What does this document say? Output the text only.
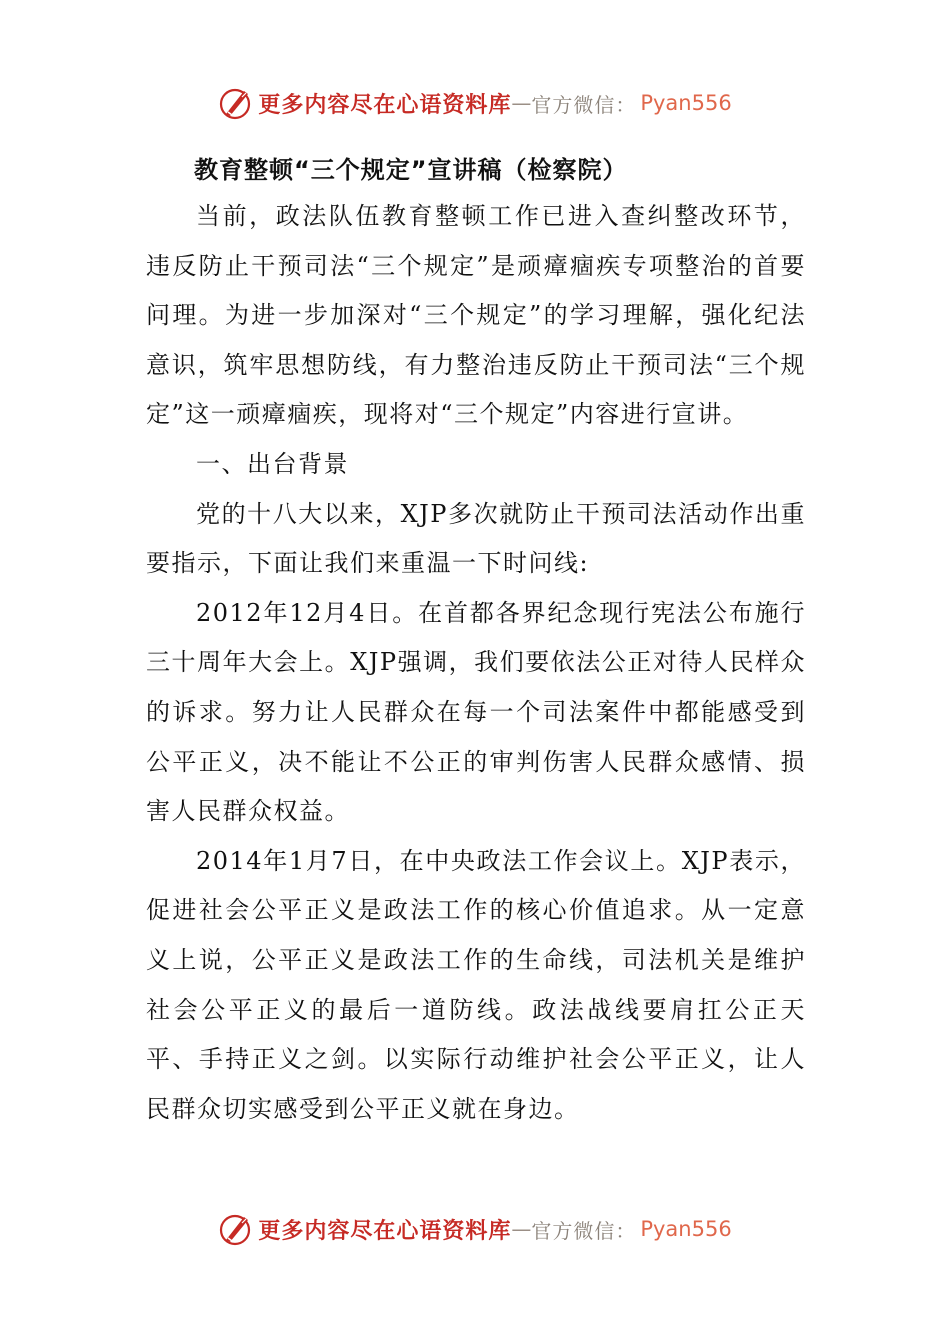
更多内容尽在心语资料库 — 官方微信： Pyan556
教育整顿“三个规定”宣讲稿（检察院）

当前，政法队伍教育整顿工作已进入查纠整改环节，违反防止干预司法“三个规定”是顽瘴痼疾专项整治的首要问理。为进一步加深对“三个规定”的学习理解，强化纪法意识，筑牢思想防线，有力整治违反防止干预司法“三个规定”这一顽瘴痼疾，现将对“三个规定”内容进行宣讲。

一、出台背景

党的十八大以来，XJP多次就防止干预司法活动作出重要指示，下面让我们来重温一下时问线:

2012年12月4日。在首都各界纪念现行宪法公布施行三十周年大会上。XJP强调，我们要依法公正对待人民样众的诉求。努力让人民群众在每一个司法案件中都能感受到公平正义，决不能让不公正的审判伤害人民群众感情、损害人民群众权益。

2014年1月7日，在中央政法工作会议上。XJP表示，促进社会公平正义是政法工作的核心价值追求。从一定意义上说，公平正义是政法工作的生命线，司法机关是维护社会公平正义的最后一道防线。政法战线要肩扛公正天平、手持正义之剑。以实际行动维护社会公平正义，让人民群众切实感受到公平正义就在身边。

更多内容尽在心语资料库 — 官方微信： Pyan556
